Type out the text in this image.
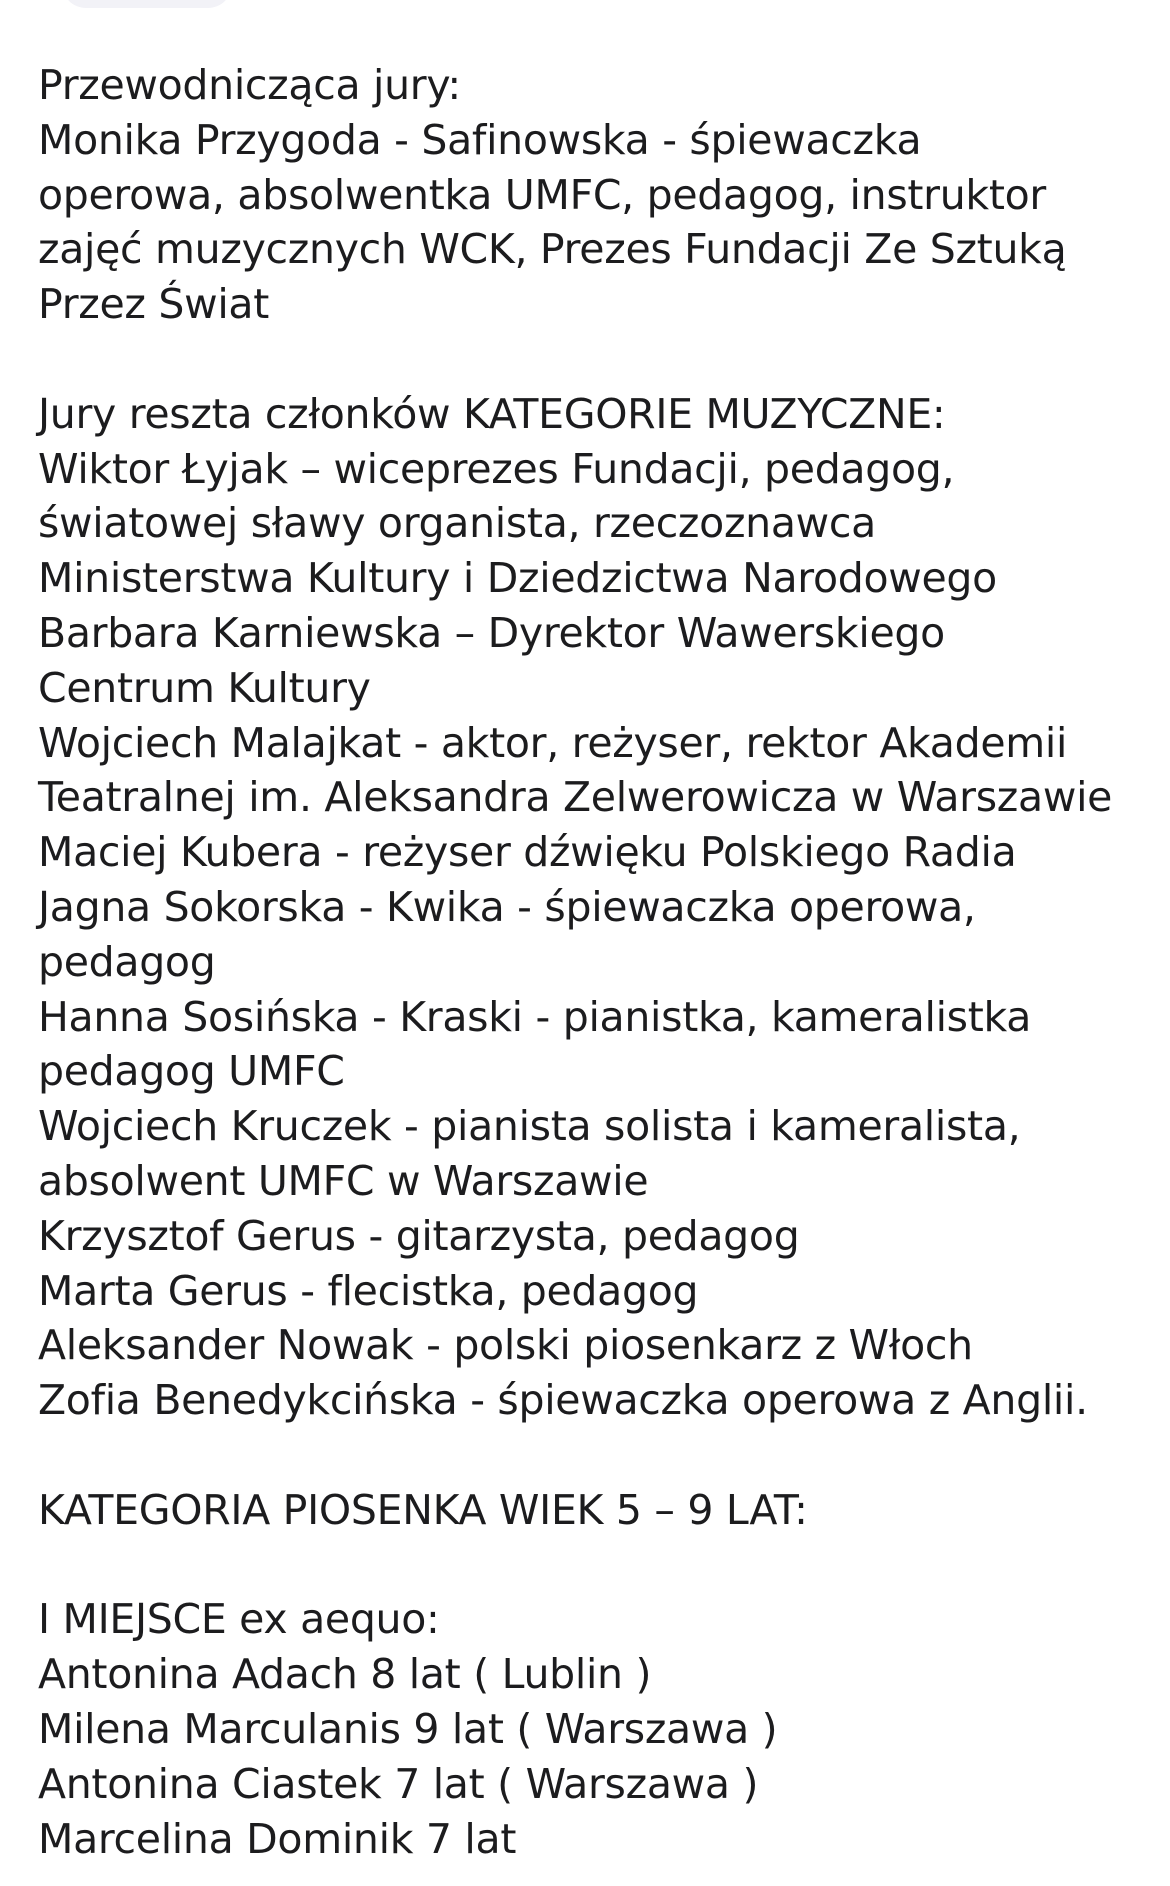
Przewodnicząca jury:
Monika Przygoda - Safinowska - śpiewaczka
operowa, absolwentka UMFC, pedagog, instruktor
zajęć muzycznych WCK, Prezes Fundacji Ze Sztuką
Przez Świat
Jury reszta członków KATEGORIE MUZYCZNE:
Wiktor Łyjak – wiceprezes Fundacji, pedagog,
światowej sławy organista, rzeczoznawca
Ministerstwa Kultury i Dziedzictwa Narodowego
Barbara Karniewska – Dyrektor Wawerskiego
Centrum Kultury
Wojciech Malajkat - aktor, reżyser, rektor Akademii
Teatralnej im. Aleksandra Zelwerowicza w Warszawie
Maciej Kubera - reżyser dźwięku Polskiego Radia
Jagna Sokorska - Kwika - śpiewaczka operowa,
pedagog
Hanna Sosińska - Kraski - pianistka, kameralistka
pedagog UMFC
Wojciech Kruczek - pianista solista i kameralista,
absolwent UMFC w Warszawie
Krzysztof Gerus - gitarzysta, pedagog
Marta Gerus - flecistka, pedagog
Aleksander Nowak - polski piosenkarz z Włoch
Zofia Benedykcińska - śpiewaczka operowa z Anglii.
KATEGORIA PIOSENKA WIEK 5 – 9 LAT:
I MIEJSCE ex aequo:
Antonina Adach 8 lat ( Lublin )
Milena Marculanis 9 lat ( Warszawa )
Antonina Ciastek 7 lat ( Warszawa )
Marcelina Dominik 7 lat
